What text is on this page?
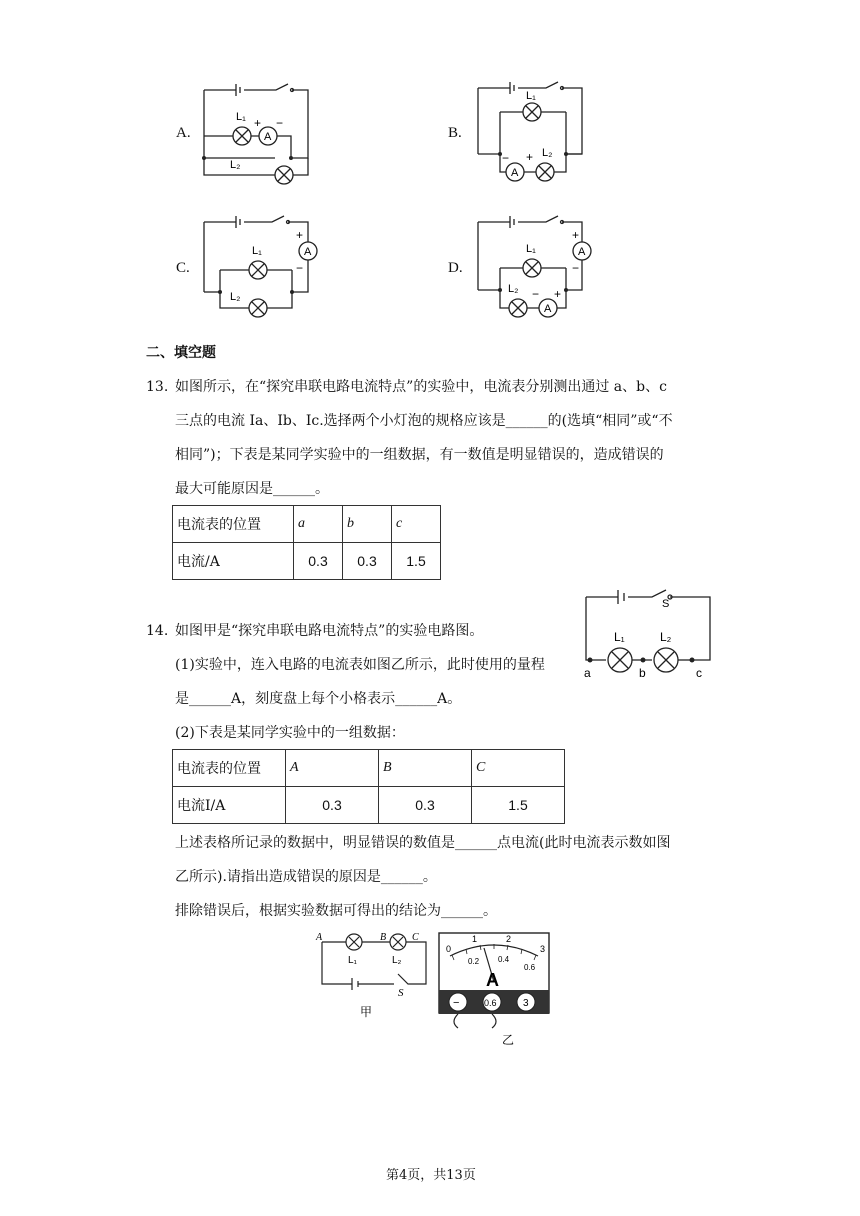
A.	A
L₁ + −
L₂
B.
A
L₁
L₂
− +
C.
A
+
−
L₁
L₂
D.
A
A
+
−
− +
L₁
L₂
二、填空题
13. 如图所示，在“探究串联电路电流特点”的实验中，电流表分别测出通过 a、b、c
三点的电流 Ia、Ib、Ic.选择两个小灯泡的规格应该是______的(选填“相同”或“不
相同”)；下表是某同学实验中的一组数据，有一数值是明显错误的，造成错误的
最大可能原因是______。
电流表的位置	a	b	c
电流/A	0.3	0.3	1.5
14. 如图甲是“探究串联电路电流特点”的实验电路图。
(1)实验中，连入电路的电流表如图乙所示，此时使用的量程
是______A，刻度盘上每个小格表示______A。
(2)下表是某同学实验中的一组数据：
S
L₁	L₂
a	b	c
电流表的位置	A	B	C
电流I/A	0.3	0.3	1.5
上述表格所记录的数据中，明显错误的数值是______点电流(此时电流表示数如图
乙所示).请指出造成错误的原因是______。
排除错误后，根据实验数据可得出的结论为______。
A	B	C
L₁	L₂
S
甲
0
1	2
3
0.2 0.4
0.6
A
−	0.6	3
乙
第4页，共13页
